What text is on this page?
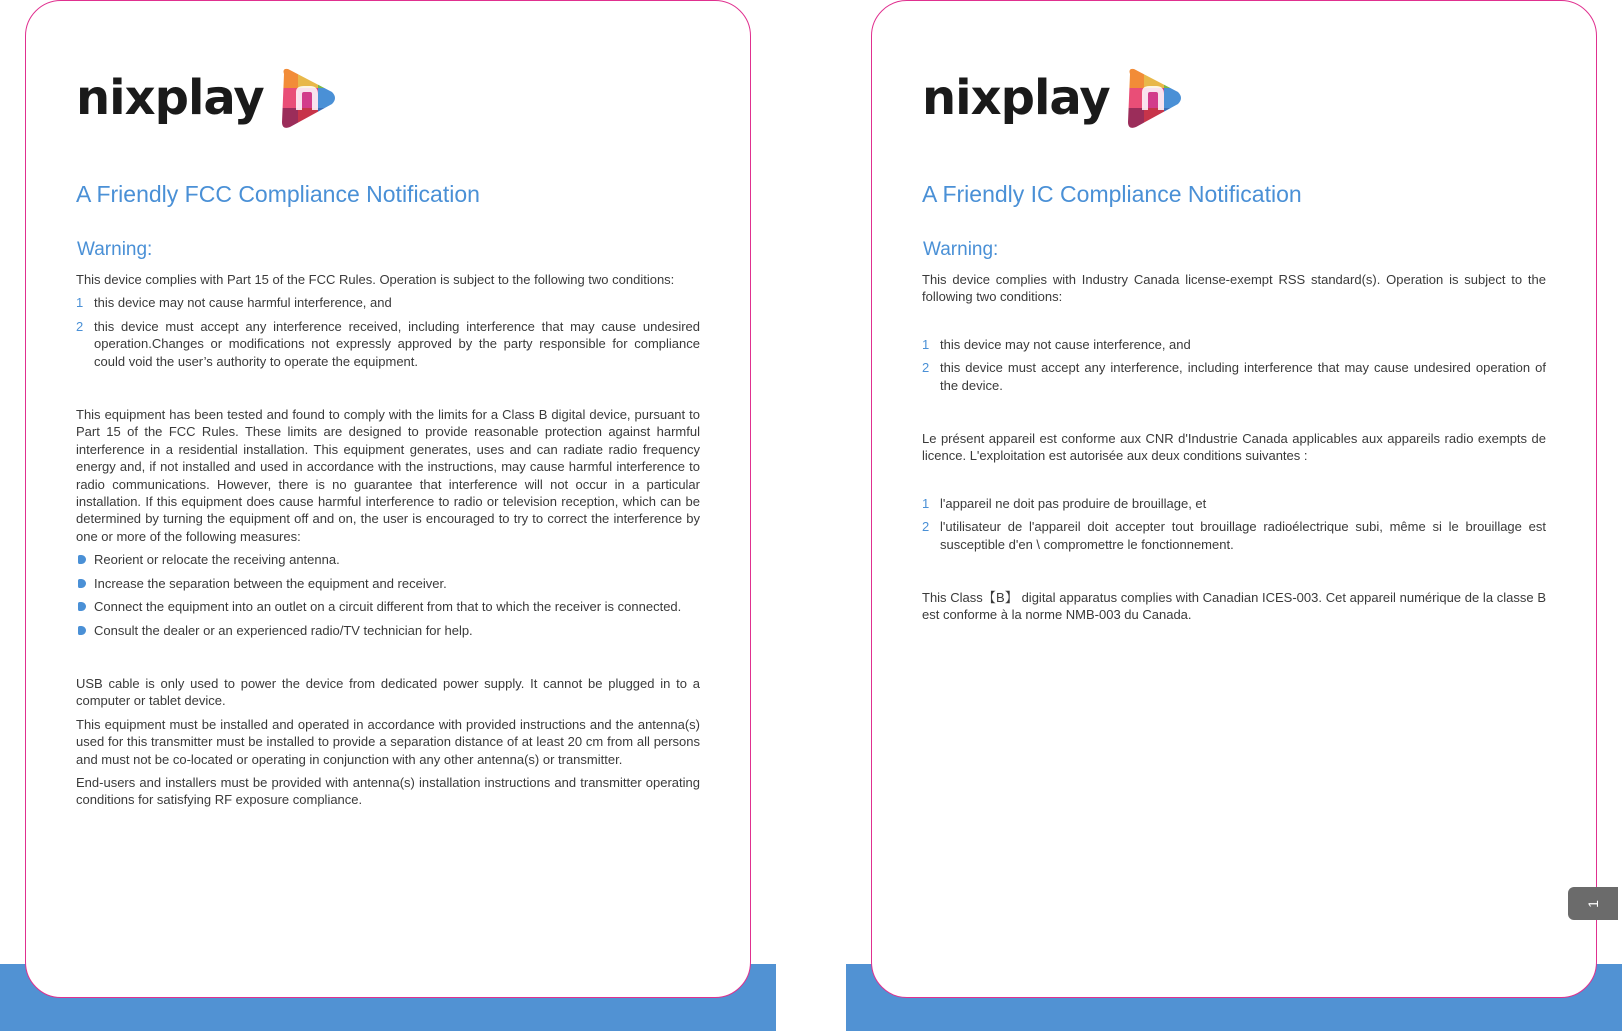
nixplay
A Friendly FCC Compliance Notification
Warning:

This device complies with Part 15 of the FCC Rules. Operation is subject to the following two conditions:

1 this device may not cause harmful interference, and
2 this device must accept any interference received, including interference that may cause undesired operation.Changes or modifications not expressly approved by the party responsible for compliance could void the user’s authority to operate the equipment.

This equipment has been tested and found to comply with the limits for a Class B digital device, pursuant to Part 15 of the FCC Rules. These limits are designed to provide reasonable protection against harmful interference in a residential installation. This equipment generates, uses and can radiate radio frequency energy and, if not installed and used in accordance with the instructions, may cause harmful interference to radio communications. However, there is no guarantee that interference will not occur in a particular installation. If this equipment does cause harmful interference to radio or television reception, which can be determined by turning the equipment off and on, the user is encouraged to try to correct the interference by one or more of the following measures:

Reorient or relocate the receiving antenna.
Increase the separation between the equipment and receiver.
Connect the equipment into an outlet on a circuit different from that to which the receiver is connected.
Consult the dealer or an experienced radio/TV technician for help.

USB cable is only used to power the device from dedicated power supply. It cannot be plugged in to a computer or tablet device.

This equipment must be installed and operated in accordance with provided instructions and the antenna(s) used for this transmitter must be installed to provide a separation distance of at least 20 cm from all persons and must not be co-located or operating in conjunction with any other antenna(s) or transmitter.

End-users and installers must be provided with antenna(s) installation instructions and transmitter operating conditions for satisfying RF exposure compliance.

nixplay
A Friendly IC Compliance Notification
Warning:

This device complies with Industry Canada license-exempt RSS standard(s). Operation is subject to the following two conditions:

1 this device may not cause interference, and
2 this device must accept any interference, including interference that may cause undesired operation of the device.

Le présent appareil est conforme aux CNR d'Industrie Canada applicables aux appareils radio exempts de licence. L'exploitation est autorisée aux deux conditions suivantes :

1 l'appareil ne doit pas produire de brouillage, et
2 l'utilisateur de l'appareil doit accepter tout brouillage radioélectrique subi, même si le brouillage est susceptible d'en \ compromettre le fonctionnement.

This Class【B】 digital apparatus complies with Canadian ICES-003. Cet appareil numérique de la classe B est conforme à la norme NMB-003 du Canada.

1
